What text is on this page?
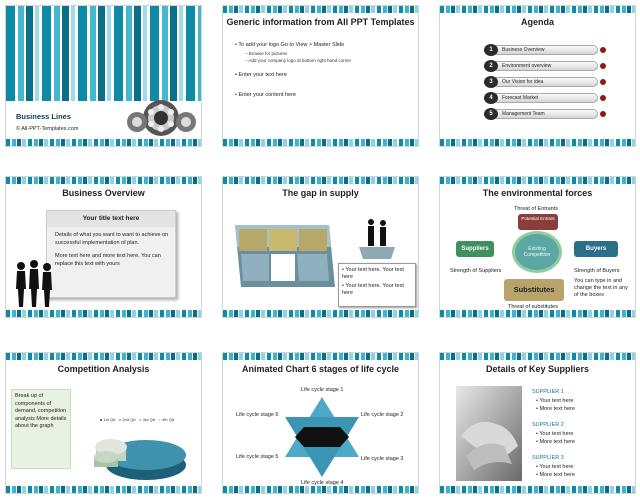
Business Lines
© All-PPT-Templates.com
Generic information from All PPT Templates
• To add your logo Go to View > Master Slide
– Browse for pictures
– Add your company logo at bottom right hand corner
• Enter your text here
• Enter your content here
Agenda
Business Overview
1
Environment overview
2
Our Vision for idea
3
Forecast Market
4
Management Team
5
Business Overview
Your title text here
Details of what you want to want to achieve on successful implementation of plan.
More text here and more text here. You can replace this text with yours
The gap in supply
• Your text here. Your text here
• Your text here. Your text here
The environmental forces
Threat of Entrants
Potential Entrant
Suppliers	Existing Competition
Buyers
Strength of Suppliers	Strength of Buyers
Substitutes
Threat of substitutes
You can type in and change the text in any of the boxes
Competition Analysis
Break up of components of demand, competition analysis More details about the graph
■ 1st Qtr ■ 2nd Qtr ■ 3rd Qtr ■ 4th Qtr
Animated Chart 6 stages of life cycle
Life cycle stage 1
Life cycle stage 2
Life cycle stage 3
Life cycle stage 4
Life cycle stage 5
Life cycle stage 6
Details of Key Suppliers
SUPPLIER 1
• Your text here
• More text here
SUPPLIER 2
• Your text here
• More text here
SUPPLIER 3
• Your text here
• More text here
